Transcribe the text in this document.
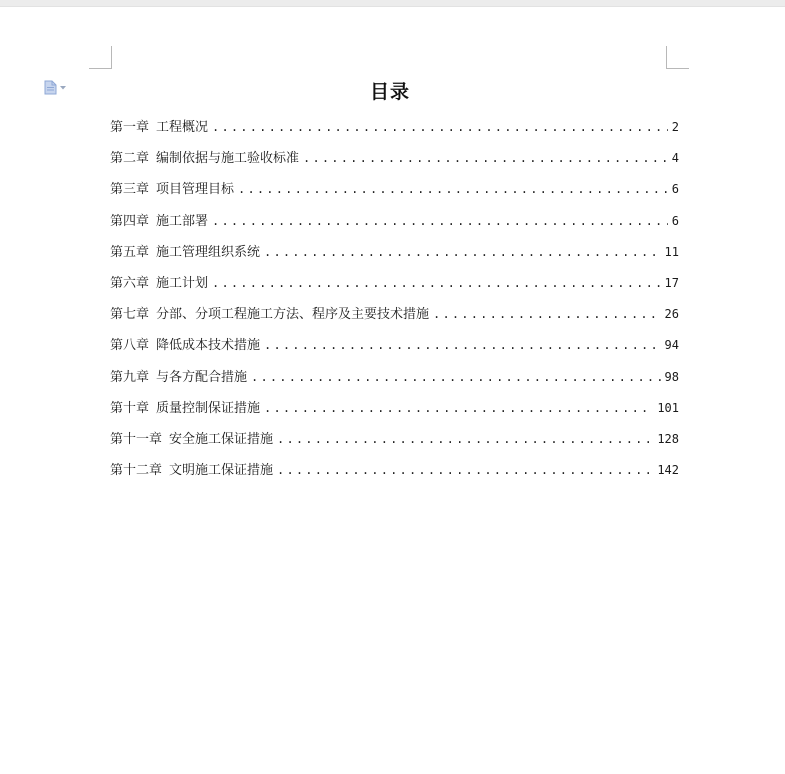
目录
第一章 工程概况 .....	2
第二章 编制依据与施工验收标准 .....	4
第三章 项目管理目标 .....	6
第四章 施工部署 .....	6
第五章 施工管理组织系统 .....	11
第六章 施工计划 .....	17
第七章 分部、分项工程施工方法、程序及主要技术措施 .....	26
第八章 降低成本技术措施 .....	94
第九章 与各方配合措施 .....	98
第十章 质量控制保证措施 .....	101
第十一章 安全施工保证措施 .....	128
第十二章 文明施工保证措施 .....	142
